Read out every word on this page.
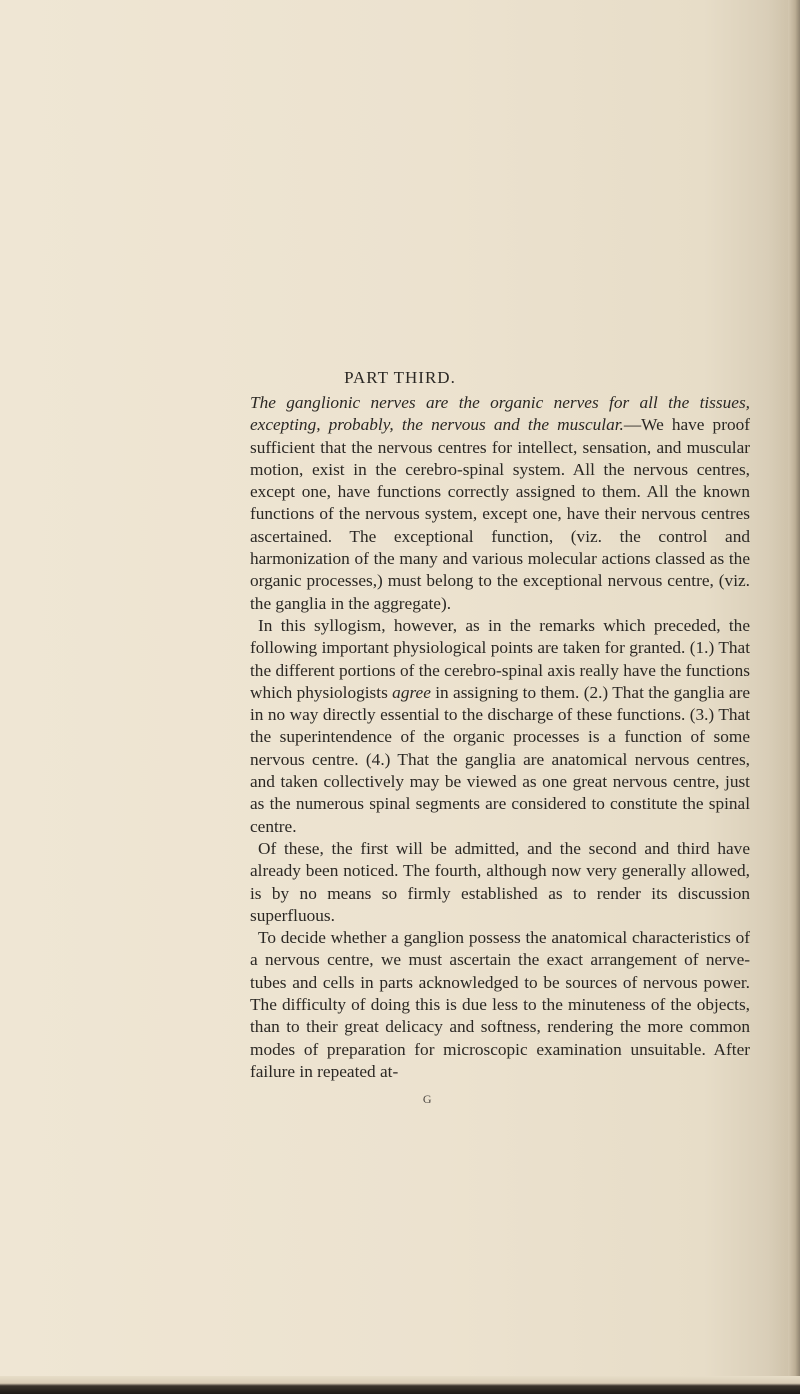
PART THIRD.

The ganglionic nerves are the organic nerves for all the tissues, excepting, probably, the nervous and the muscular.—We have proof sufficient that the nervous centres for intellect, sensation, and muscular motion, exist in the cerebro-spinal system. All the nervous centres, except one, have functions correctly assigned to them. All the known functions of the nervous system, except one, have their nervous centres ascertained. The exceptional function, (viz. the control and harmonization of the many and various molecular actions classed as the organic processes,) must belong to the exceptional nervous centre, (viz. the ganglia in the aggregate).

In this syllogism, however, as in the remarks which preceded, the following important physiological points are taken for granted. (1.) That the different portions of the cerebro-spinal axis really have the functions which physiologists agree in assigning to them. (2.) That the ganglia are in no way directly essential to the discharge of these functions. (3.) That the superintendence of the organic processes is a function of some nervous centre. (4.) That the ganglia are anatomical nervous centres, and taken collectively may be viewed as one great nervous centre, just as the numerous spinal segments are considered to constitute the spinal centre.

Of these, the first will be admitted, and the second and third have already been noticed. The fourth, although now very generally allowed, is by no means so firmly established as to render its discussion superfluous.

To decide whether a ganglion possess the anatomical characteristics of a nervous centre, we must ascertain the exact arrangement of nerve-tubes and cells in parts acknowledged to be sources of nervous power. The difficulty of doing this is due less to the minuteness of the objects, than to their great delicacy and softness, rendering the more common modes of preparation for microscopic examination unsuitable. After failure in repeated at-

G
